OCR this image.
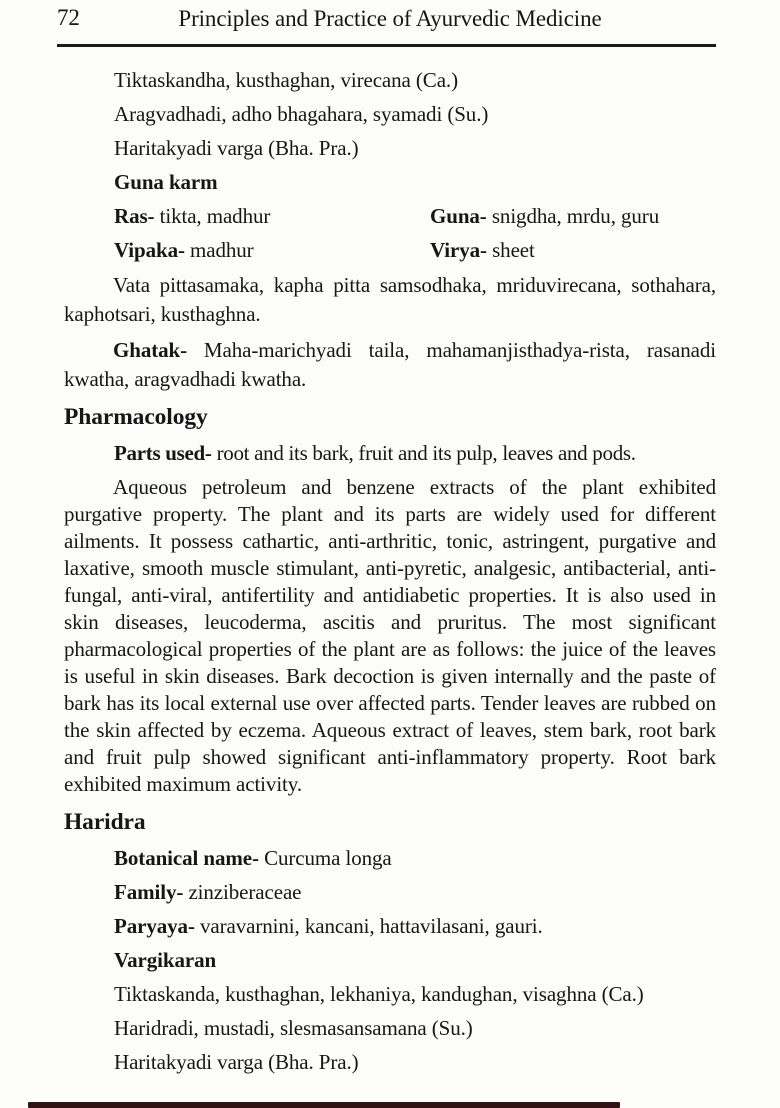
72	Principles and Practice of Ayurvedic Medicine
Tiktaskandha, kusthaghan, virecana (Ca.)
Aragvadhadi, adho bhagahara, syamadi (Su.)
Haritakyadi varga (Bha. Pra.)
Guna karm
Ras- tikta, madhur	Guna- snigdha, mrdu, guru
Vipaka- madhur	Virya- sheet

Vata pittasamaka, kapha pitta samsodhaka, mriduvirecana, sothahara, kaphotsari, kusthaghna.

Ghatak- Maha-marichyadi taila, mahamanjisthadya-rista, rasanadi kwatha, aragvadhadi kwatha.

Pharmacology
Parts used- root and its bark, fruit and its pulp, leaves and pods.

Aqueous petroleum and benzene extracts of the plant exhibited purgative property. The plant and its parts are widely used for different ailments. It possess cathartic, anti-arthritic, tonic, astringent, purgative and laxative, smooth muscle stimulant, anti-pyretic, analgesic, antibacterial, anti-fungal, anti-viral, antifertility and antidiabetic properties. It is also used in skin diseases, leucoderma, ascitis and pruritus. The most significant pharmacological properties of the plant are as follows: the juice of the leaves is useful in skin diseases. Bark decoction is given internally and the paste of bark has its local external use over affected parts. Tender leaves are rubbed on the skin affected by eczema. Aqueous extract of leaves, stem bark, root bark and fruit pulp showed significant anti-inflammatory property. Root bark exhibited maximum activity.

Haridra
Botanical name- Curcuma longa
Family- zinziberaceae
Paryaya- varavarnini, kancani, hattavilasani, gauri.
Vargikaran
Tiktaskanda, kusthaghan, lekhaniya, kandughan, visaghna (Ca.)
Haridradi, mustadi, slesmasansamana (Su.)
Haritakyadi varga (Bha. Pra.)
